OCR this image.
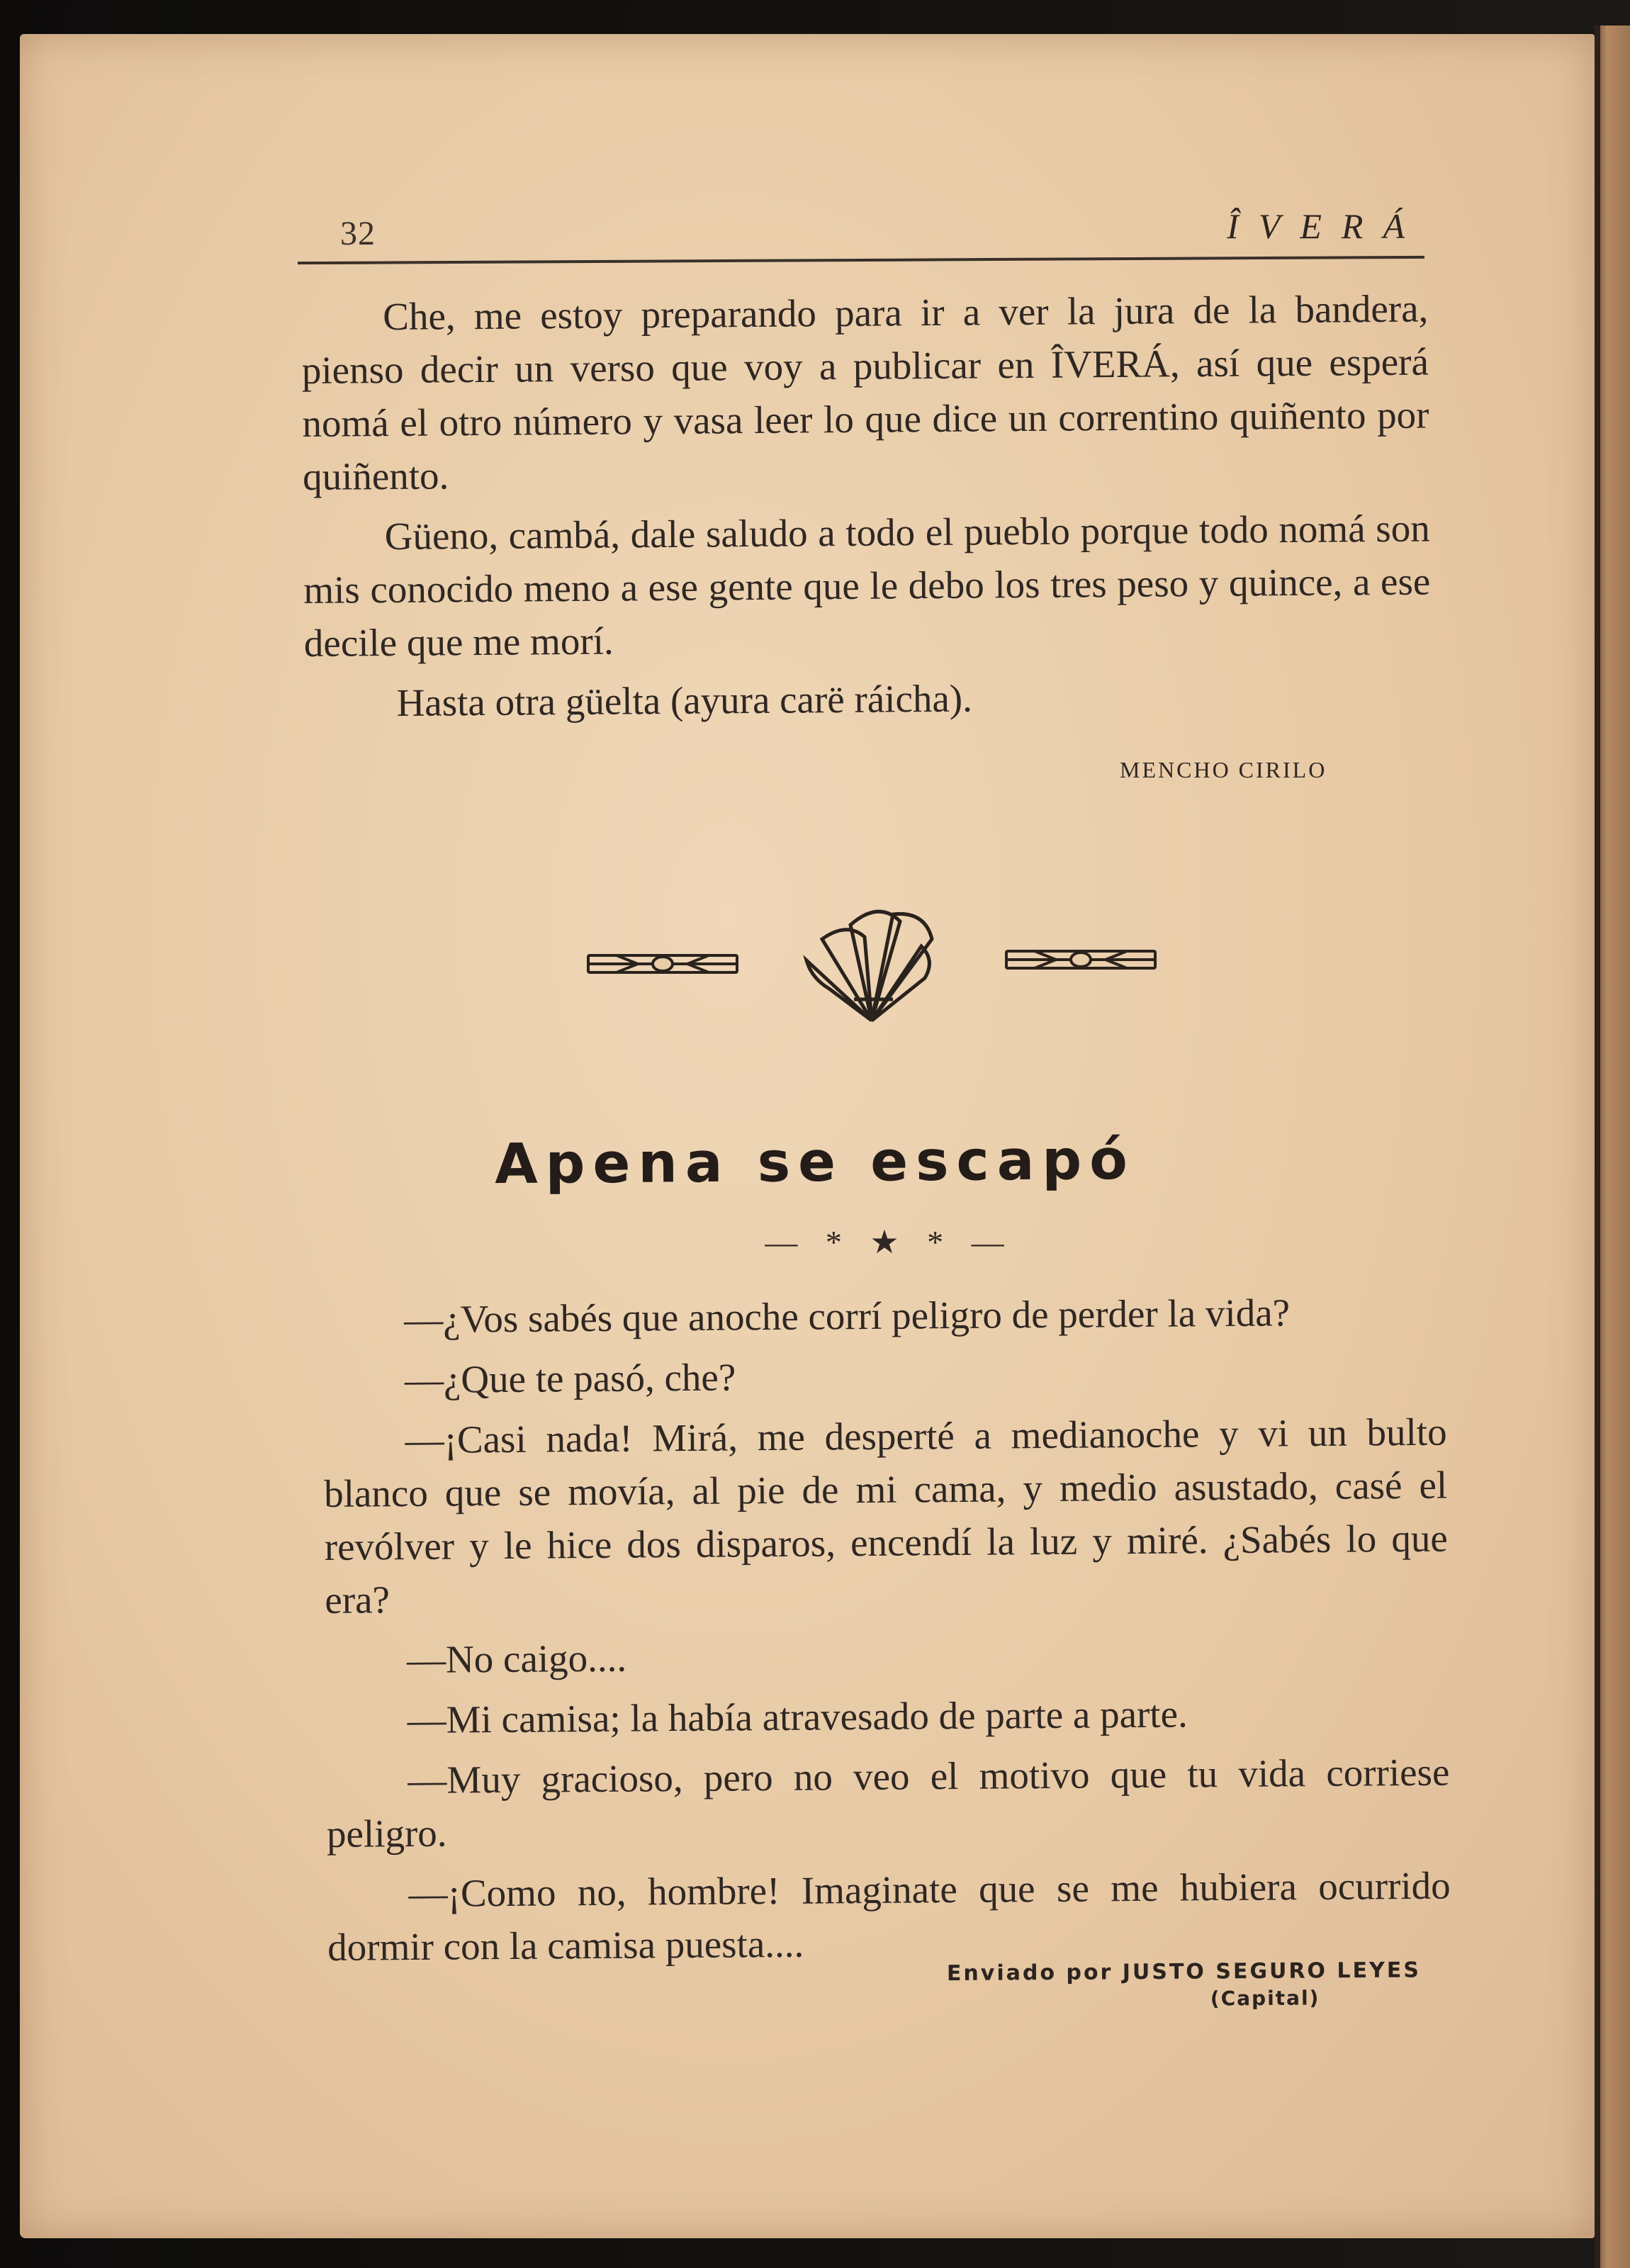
32	ÎVERÁ

Che, me estoy preparando para ir a ver la jura de la bandera, pienso decir un verso que voy a publicar en ÎVERÁ, así que esperá nomá el otro número y vasa leer lo que dice un correntino quiñento por quiñento.

Güeno, cambá, dale saludo a todo el pueblo porque todo nomá son mis conocido meno a ese gente que le debo los tres peso y quince, a ese decile que me morí.

Hasta otra güelta (ayura carë ráicha).

MENCHO CIRILO
Apena se escapó
— * ★ * —

—¿Vos sabés que anoche corrí peligro de perder la vida?

—¿Que te pasó, che?

—¡Casi nada! Mirá, me desperté a medianoche y vi un bulto blanco que se movía, al pie de mi cama, y medio asustado, casé el revólver y le hice dos disparos, encendí la luz y miré. ¿Sabés lo que era?

—No caigo....

—Mi camisa; la había atravesado de parte a parte.

—Muy gracioso, pero no veo el motivo que tu vida corriese peligro.

—¡Como no, hombre! Imaginate que se me hubiera ocurrido dormir con la camisa puesta....

Enviado por JUSTO SEGURO LEYES
(Capital)
